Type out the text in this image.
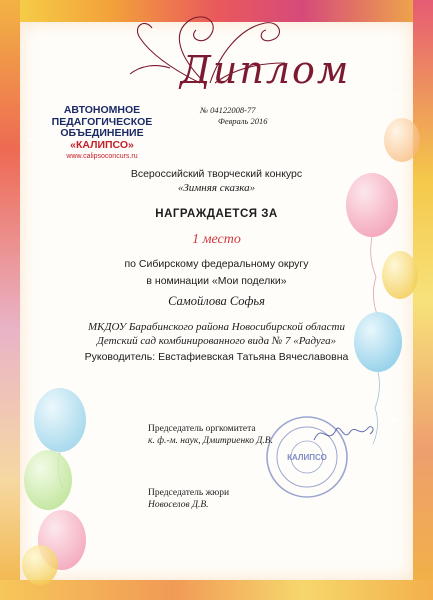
Диплом
АВТОНОМНОЕ
ПЕДАГОГИЧЕСКОЕ
ОБЪЕДИНЕНИЕ
«КАЛИПСО»
www.calipsoconcurs.ru
№ 04122008-77
Февраль 2016
Всероссийский творческий конкурс
«Зимняя сказка»
НАГРАЖДАЕТСЯ ЗА
1 место
по Сибирскому федеральному округу
в номинации «Мои поделки»
Самойлова Софья
МКДОУ Барабинского района Новосибирской области
Детский сад комбинированного вида № 7 «Радуга»
Руководитель: Евстафиевская Татьяна Вячеславовна
КАЛИПСО
Председатель оргкомитета
к. ф.-м. наук, Дмитриенко Д.В.
Председатель жюри
Новоселов Д.В.
